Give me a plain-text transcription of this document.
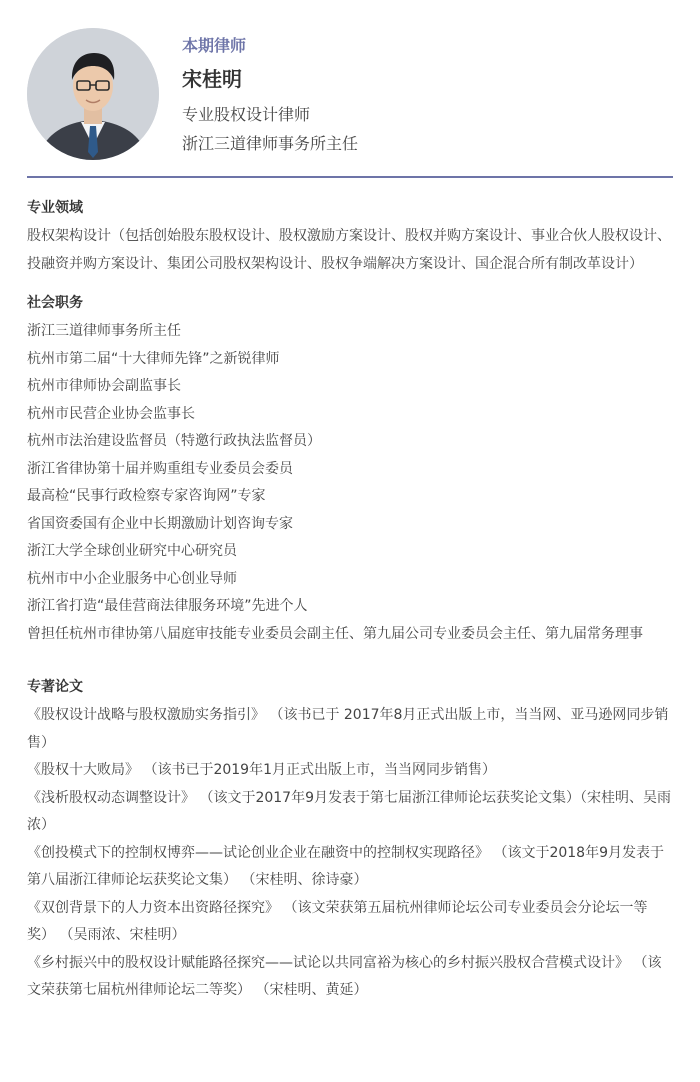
本期律师
宋桂明
专业股权设计律师
浙江三道律师事务所主任
专业领域

股权架构设计（包括创始股东股权设计、股权激励方案设计、股权并购方案设计、事业合伙人股权设计、投融资并购方案设计、集团公司股权架构设计、股权争端解决方案设计、国企混合所有制改革设计）

社会职务

浙江三道律师事务所主任

杭州市第二届“十大律师先锋”之新锐律师

杭州市律师协会副监事长

杭州市民营企业协会监事长

杭州市法治建设监督员（特邀行政执法监督员）

浙江省律协第十届并购重组专业委员会委员

最高检“民事行政检察专家咨询网”专家

省国资委国有企业中长期激励计划咨询专家

浙江大学全球创业研究中心研究员

杭州市中小企业服务中心创业导师

浙江省打造“最佳营商法律服务环境”先进个人

曾担任杭州市律协第八届庭审技能专业委员会副主任、第九届公司专业委员会主任、第九届常务理事

专著论文

《股权设计战略与股权激励实务指引》 （该书已于 2017年8月正式出版上市，当当网、亚马逊网同步销售）

《股权十大败局》 （该书已于2019年1月正式出版上市，当当网同步销售）

《浅析股权动态调整设计》 （该文于2017年9月发表于第七届浙江律师论坛获奖论文集）（宋桂明、吴雨浓）

《创投模式下的控制权博弈——试论创业企业在融资中的控制权实现路径》 （该文于2018年9月发表于第八届浙江律师论坛获奖论文集） （宋桂明、徐诗豪）

《双创背景下的人力资本出资路径探究》 （该文荣获第五届杭州律师论坛公司专业委员会分论坛一等奖） （吴雨浓、宋桂明）

《乡村振兴中的股权设计赋能路径探究——试论以共同富裕为核心的乡村振兴股权合营模式设计》 （该文荣获第七届杭州律师论坛二等奖） （宋桂明、黄延）
